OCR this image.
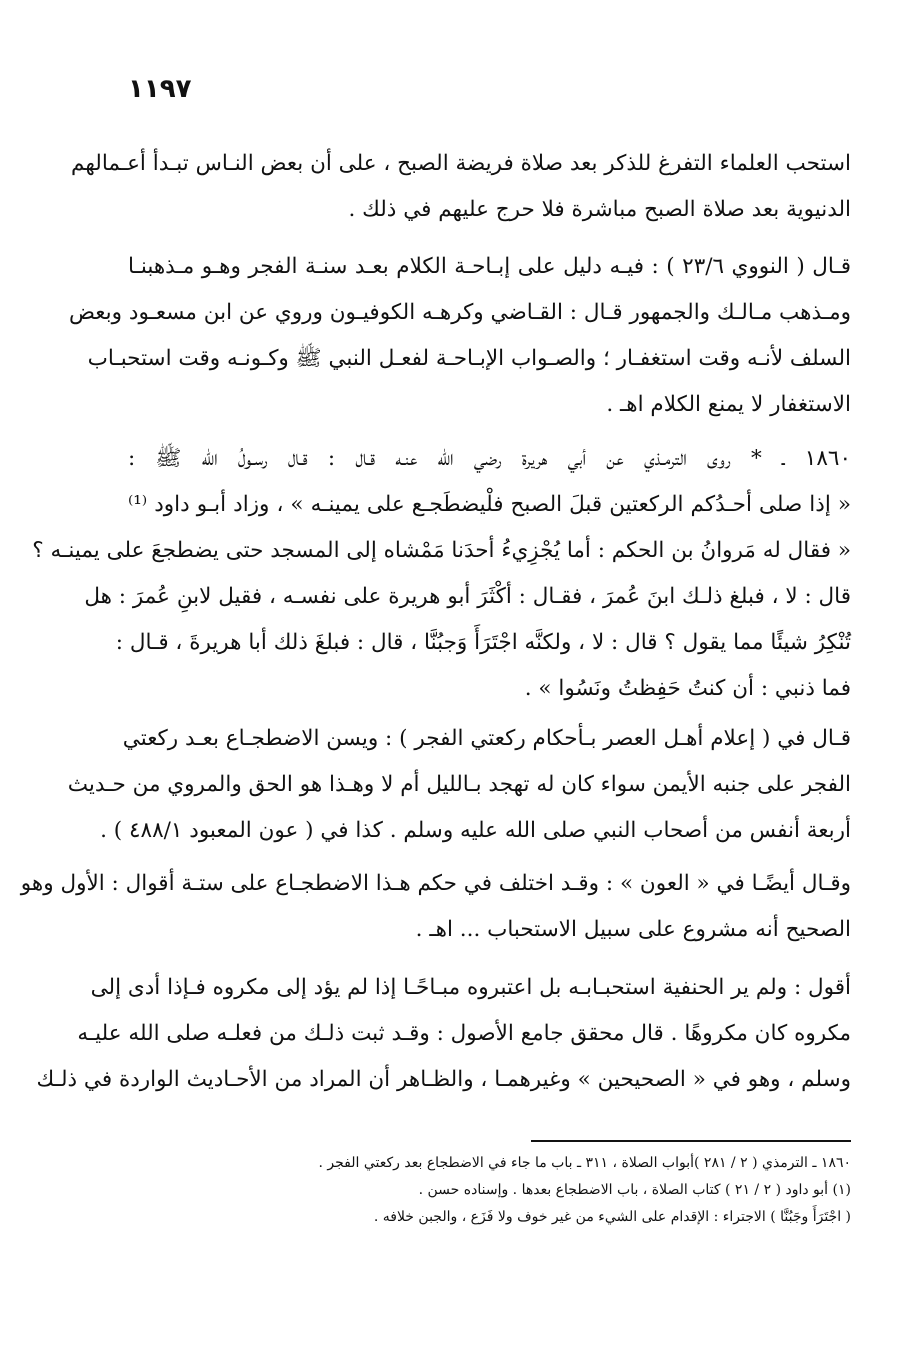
١١٩٧
استحب العلماء التفرغ للذكر بعد صلاة فريضة الصبح ، على أن بعض النـاس تبـدأ أعـمالهم
الدنيوية بعد صلاة الصبح مباشرة فلا حرج عليهم في ذلك .
قـال ( النووي ٢٣/٦ ) : فيـه دليل على إبـاحـة الكلام بعـد سنـة الفجر وهـو مـذهبنـا
ومـذهب مـالـك والجمهور قـال : القـاضي وكرهـه الكوفيـون وروي عن ابن مسعـود وبعض
السلف لأنـه وقت استغفـار ؛ والصـواب الإبـاحـة لفعـل النبي ﷺ وكـونـه وقت استحبـاب
الاستغفار لا يمنع الكلام اهـ .
١٨٦٠ ـ * روى الترمـذي عن أبي هريرة رضي الله عنـه قـال : قـال رسـولُ الله ﷺ :
« إذا صلى أحـدُكم الركعتين قبلَ الصبح فلْيضطَجـع على يمينـه » ، وزاد أبـو داود ⁽¹⁾
« فقال له مَروانُ بن الحكم : أما يُجْزِيءُ أحدَنا مَمْشاه إلى المسجد حتى يضطجعَ على يمينـه ؟
قال : لا ، فبلغ ذلـك ابنَ عُمرَ ، فقـال : أكْثَرَ أبو هريرة على نفسـه ، فقيل لابنِ عُمرَ : هل
تُنْكِرُ شيئًا مما يقول ؟ قال : لا ، ولكنَّه اجْتَرَأَ وَجبُنَّا ، قال : فبلغَ ذلك أبا هريرةَ ، قـال :
فما ذنبي : أن كنتُ حَفِظتُ ونَسُوا » .
قـال في ( إعلام أهـل العصر بـأحكام ركعتي الفجر ) : ويسن الاضطجـاع بعـد ركعتي
الفجر على جنبه الأيمن سواء كان له تهجد بـالليل أم لا وهـذا هو الحق والمروي من حـديث
أربعة أنفس من أصحاب النبي صلى الله عليه وسلم . كذا في ( عون المعبود ٤٨٨/١ ) .
وقـال أيضًـا في « العون » : وقـد اختلف في حكم هـذا الاضطجـاع على ستـة أقوال : الأول وهو
الصحيح أنه مشروع على سبيل الاستحباب ... اهـ .
أقول : ولم ير الحنفية استحبـابـه بل اعتبروه مبـاحًـا إذا لم يؤد إلى مكروه فـإذا أدى إلى
مكروه كان مكروهًا . قال محقق جامع الأصول : وقـد ثبت ذلـك من فعلـه صلى الله عليـه
وسلم ، وهو في « الصحيحين » وغيرهمـا ، والظـاهر أن المراد من الأحـاديث الواردة في ذلـك
١٨٦٠ ـ الترمذي ( ٢ / ٢٨١ )أبواب الصلاة ، ٣١١ ـ باب ما جاء في الاضطجاع بعد ركعتي الفجر .
(١) أبو داود ( ٢ / ٢١ ) كتاب الصلاة ، باب الاضطجاع بعدها . وإسناده حسن .
( اجْتَرَأَ وجَبُنَّا ) الاجتراء : الإقدام على الشيء من غير خوف ولا فَزَع ، والجبن خلافه .
